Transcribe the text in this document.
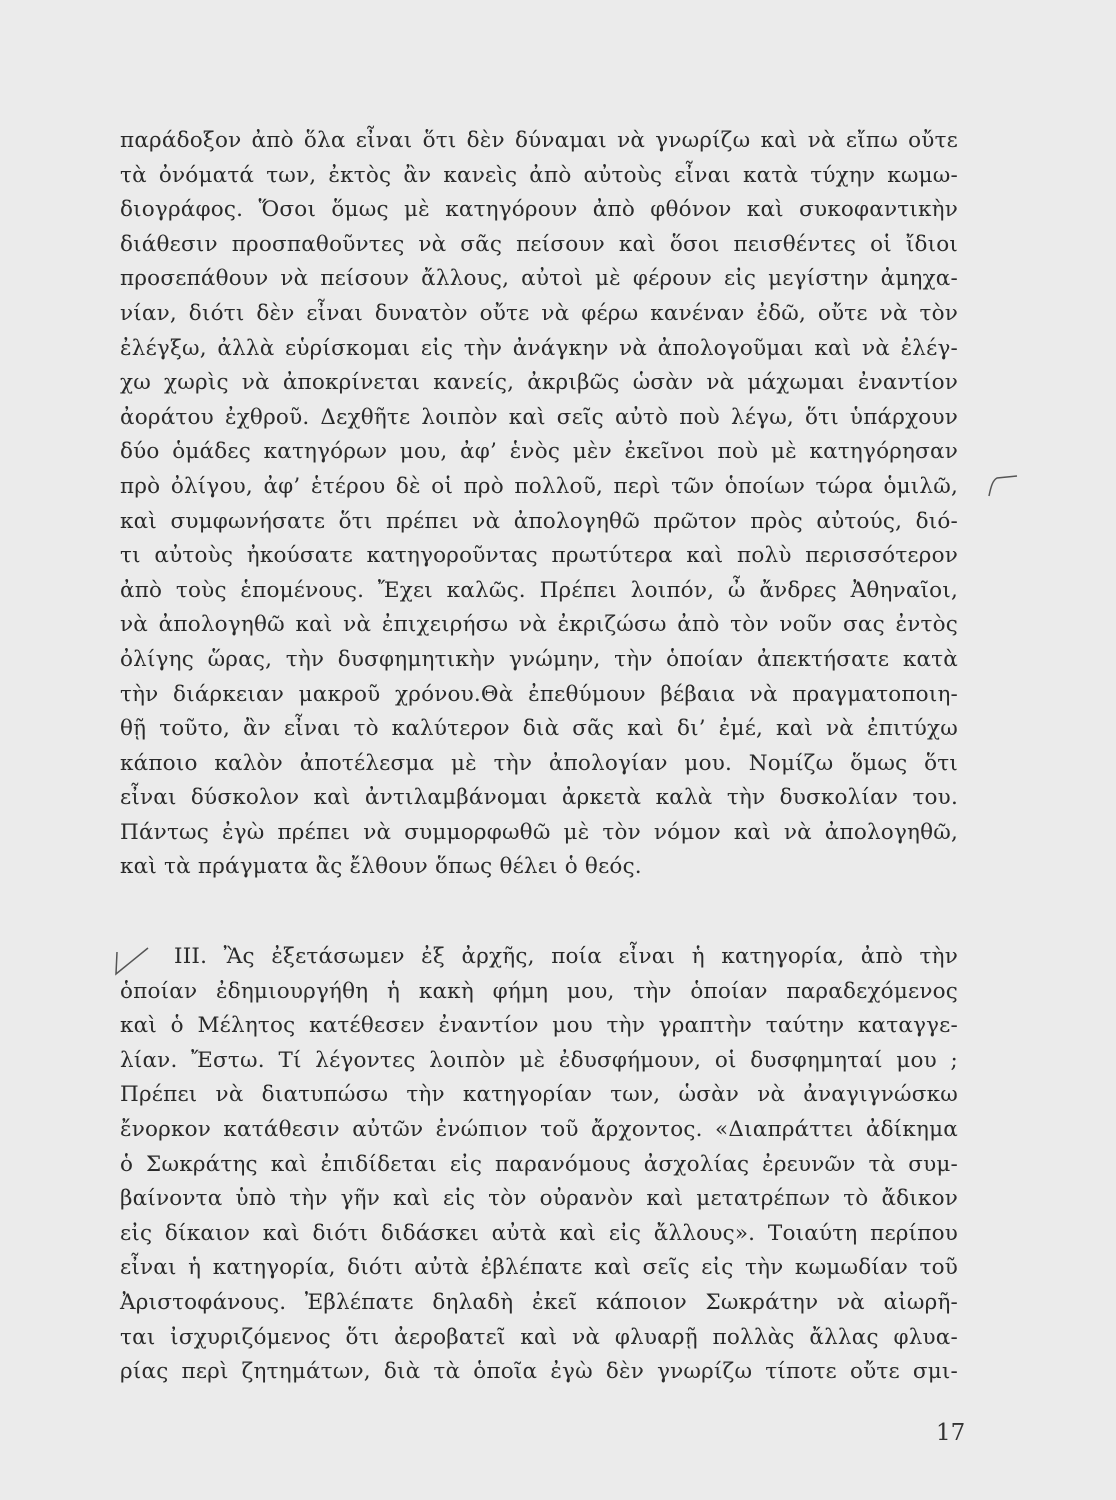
παράδοξον ἀπὸ ὅλα εἶναι ὅτι δὲν δύναμαι νὰ γνωρίζω καὶ νὰ εἴπω οὔτε
τὰ ὀνόματά των, ἐκτὸς ἂν κανεὶς ἀπὸ αὐτοὺς εἶναι κατὰ τύχην κωμω-
διογράφος. Ὅσοι ὅμως μὲ κατηγόρουν ἀπὸ φθόνον καὶ συκοφαντικὴν
διάθεσιν προσπαθοῦντες νὰ σᾶς πείσουν καὶ ὅσοι πεισθέντες οἱ ἴδιοι
προσεπάθουν νὰ πείσουν ἄλλους, αὐτοὶ μὲ φέρουν εἰς μεγίστην ἀμηχα-
νίαν, διότι δὲν εἶναι δυνατὸν οὔτε νὰ φέρω κανέναν ἐδῶ, οὔτε νὰ τὸν
ἐλέγξω, ἀλλὰ εὑρίσκομαι εἰς τὴν ἀνάγκην νὰ ἀπολογοῦμαι καὶ νὰ ἐλέγ-
χω χωρὶς νὰ ἀποκρίνεται κανείς, ἀκριβῶς ὡσὰν νὰ μάχωμαι ἐναντίον
ἀοράτου ἐχθροῦ. Δεχθῆτε λοιπὸν καὶ σεῖς αὐτὸ ποὺ λέγω, ὅτι ὑπάρχουν
δύο ὁμάδες κατηγόρων μου, ἀφ’ ἑνὸς μὲν ἐκεῖνοι ποὺ μὲ κατηγόρησαν
πρὸ ὀλίγου, ἀφ’ ἑτέρου δὲ οἱ πρὸ πολλοῦ, περὶ τῶν ὁποίων τώρα ὁμιλῶ,
καὶ συμφωνήσατε ὅτι πρέπει νὰ ἀπολογηθῶ πρῶτον πρὸς αὐτούς, διό-
τι αὐτοὺς ἠκούσατε κατηγοροῦντας πρωτύτερα καὶ πολὺ περισσότερον
ἀπὸ τοὺς ἑπομένους. Ἔχει καλῶς. Πρέπει λοιπόν, ὦ ἄνδρες Ἀθηναῖοι,
νὰ ἀπολογηθῶ καὶ νὰ ἐπιχειρήσω νὰ ἐκριζώσω ἀπὸ τὸν νοῦν σας ἐντὸς
ὀλίγης ὥρας, τὴν δυσφημητικὴν γνώμην, τὴν ὁποίαν ἀπεκτήσατε κατὰ
τὴν διάρκειαν μακροῦ χρόνου.Θὰ ἐπεθύμουν βέβαια νὰ πραγματοποιη-
θῇ τοῦτο, ἂν εἶναι τὸ καλύτερον διὰ σᾶς καὶ δι’ ἐμέ, καὶ νὰ ἐπιτύχω
κάποιο καλὸν ἀποτέλεσμα μὲ τὴν ἀπολογίαν μου. Νομίζω ὅμως ὅτι
εἶναι δύσκολον καὶ ἀντιλαμβάνομαι ἀρκετὰ καλὰ τὴν δυσκολίαν του.
Πάντως ἐγὼ πρέπει νὰ συμμορφωθῶ μὲ τὸν νόμον καὶ νὰ ἀπολογηθῶ,
καὶ τὰ πράγματα ἂς ἔλθουν ὅπως θέλει ὁ θεός.
III. Ἂς ἐξετάσωμεν ἐξ ἀρχῆς, ποία εἶναι ἡ κατηγορία, ἀπὸ τὴν
ὁποίαν ἐδημιουργήθη ἡ κακὴ φήμη μου, τὴν ὁποίαν παραδεχόμενος
καὶ ὁ Μέλητος κατέθεσεν ἐναντίον μου τὴν γραπτὴν ταύτην καταγγε-
λίαν. Ἔστω. Τί λέγοντες λοιπὸν μὲ ἐδυσφήμουν, οἱ δυσφημηταί μου ;
Πρέπει νὰ διατυπώσω τὴν κατηγορίαν των, ὡσὰν νὰ ἀναγιγνώσκω
ἔνορκον κατάθεσιν αὐτῶν ἐνώπιον τοῦ ἄρχοντος. «Διαπράττει ἀδίκημα
ὁ Σωκράτης καὶ ἐπιδίδεται εἰς παρανόμους ἀσχολίας ἐρευνῶν τὰ συμ-
βαίνοντα ὑπὸ τὴν γῆν καὶ εἰς τὸν οὐρανὸν καὶ μετατρέπων τὸ ἄδικον
εἰς δίκαιον καὶ διότι διδάσκει αὐτὰ καὶ εἰς ἄλλους». Τοιαύτη περίπου
εἶναι ἡ κατηγορία, διότι αὐτὰ ἐβλέπατε καὶ σεῖς εἰς τὴν κωμωδίαν τοῦ
Ἀριστοφάνους. Ἐβλέπατε δηλαδὴ ἐκεῖ κάποιον Σωκράτην νὰ αἰωρῆ-
ται ἰσχυριζόμενος ὅτι ἀεροβατεῖ καὶ νὰ φλυαρῇ πολλὰς ἄλλας φλυα-
ρίας περὶ ζητημάτων, διὰ τὰ ὁποῖα ἐγὼ δὲν γνωρίζω τίποτε οὔτε σμι-
17
